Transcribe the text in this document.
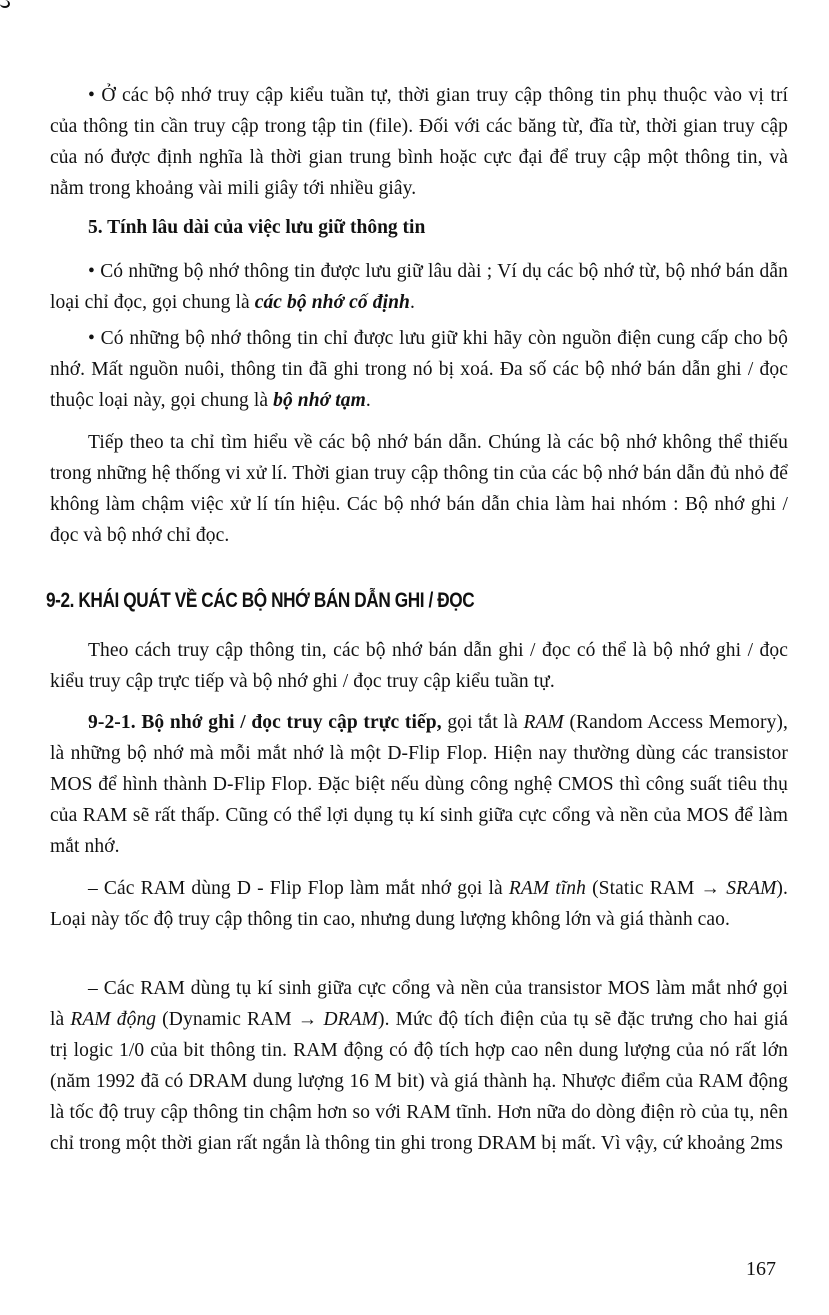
• Ở các bộ nhớ truy cập kiểu tuần tự, thời gian truy cập thông tin phụ thuộc vào vị trí của thông tin cần truy cập trong tập tin (file). Đối với các băng từ, đĩa từ, thời gian truy cập của nó được định nghĩa là thời gian trung bình hoặc cực đại để truy cập một thông tin, và nằm trong khoảng vài mili giây tới nhiều giây.

5. Tính lâu dài của việc lưu giữ thông tin

• Có những bộ nhớ thông tin được lưu giữ lâu dài ; Ví dụ các bộ nhớ từ, bộ nhớ bán dẫn loại chỉ đọc, gọi chung là các bộ nhớ cố định.

• Có những bộ nhớ thông tin chỉ được lưu giữ khi hãy còn nguồn điện cung cấp cho bộ nhớ. Mất nguồn nuôi, thông tin đã ghi trong nó bị xoá. Đa số các bộ nhớ bán dẫn ghi / đọc thuộc loại này, gọi chung là bộ nhớ tạm.

Tiếp theo ta chỉ tìm hiểu về các bộ nhớ bán dẫn. Chúng là các bộ nhớ không thể thiếu trong những hệ thống vi xử lí. Thời gian truy cập thông tin của các bộ nhớ bán dẫn đủ nhỏ để không làm chậm việc xử lí tín hiệu. Các bộ nhớ bán dẫn chia làm hai nhóm : Bộ nhớ ghi / đọc và bộ nhớ chỉ đọc.

9-2. KHÁI QUÁT VỀ CÁC BỘ NHỚ BÁN DẪN GHI / ĐỌC

Theo cách truy cập thông tin, các bộ nhớ bán dẫn ghi / đọc có thể là bộ nhớ ghi / đọc kiểu truy cập trực tiếp và bộ nhớ ghi / đọc truy cập kiểu tuần tự.

9-2-1. Bộ nhớ ghi / đọc truy cập trực tiếp, gọi tắt là RAM (Random Access Memory), là những bộ nhớ mà mỗi mắt nhớ là một D-Flip Flop. Hiện nay thường dùng các transistor MOS để hình thành D-Flip Flop. Đặc biệt nếu dùng công nghệ CMOS thì công suất tiêu thụ của RAM sẽ rất thấp. Cũng có thể lợi dụng tụ kí sinh giữa cực cổng và nền của MOS để làm mắt nhớ.

– Các RAM dùng D - Flip Flop làm mắt nhớ gọi là RAM tĩnh (Static RAM → SRAM). Loại này tốc độ truy cập thông tin cao, nhưng dung lượng không lớn và giá thành cao.

– Các RAM dùng tụ kí sinh giữa cực cổng và nền của transistor MOS làm mắt nhớ gọi là RAM động (Dynamic RAM → DRAM). Mức độ tích điện của tụ sẽ đặc trưng cho hai giá trị logic 1/0 của bit thông tin. RAM động có độ tích hợp cao nên dung lượng của nó rất lớn (năm 1992 đã có DRAM dung lượng 16 M bit) và giá thành hạ. Nhược điểm của RAM động là tốc độ truy cập thông tin chậm hơn so với RAM tĩnh. Hơn nữa do dòng điện rò của tụ, nên chỉ trong một thời gian rất ngắn là thông tin ghi trong DRAM bị mất. Vì vậy, cứ khoảng 2ms

167
